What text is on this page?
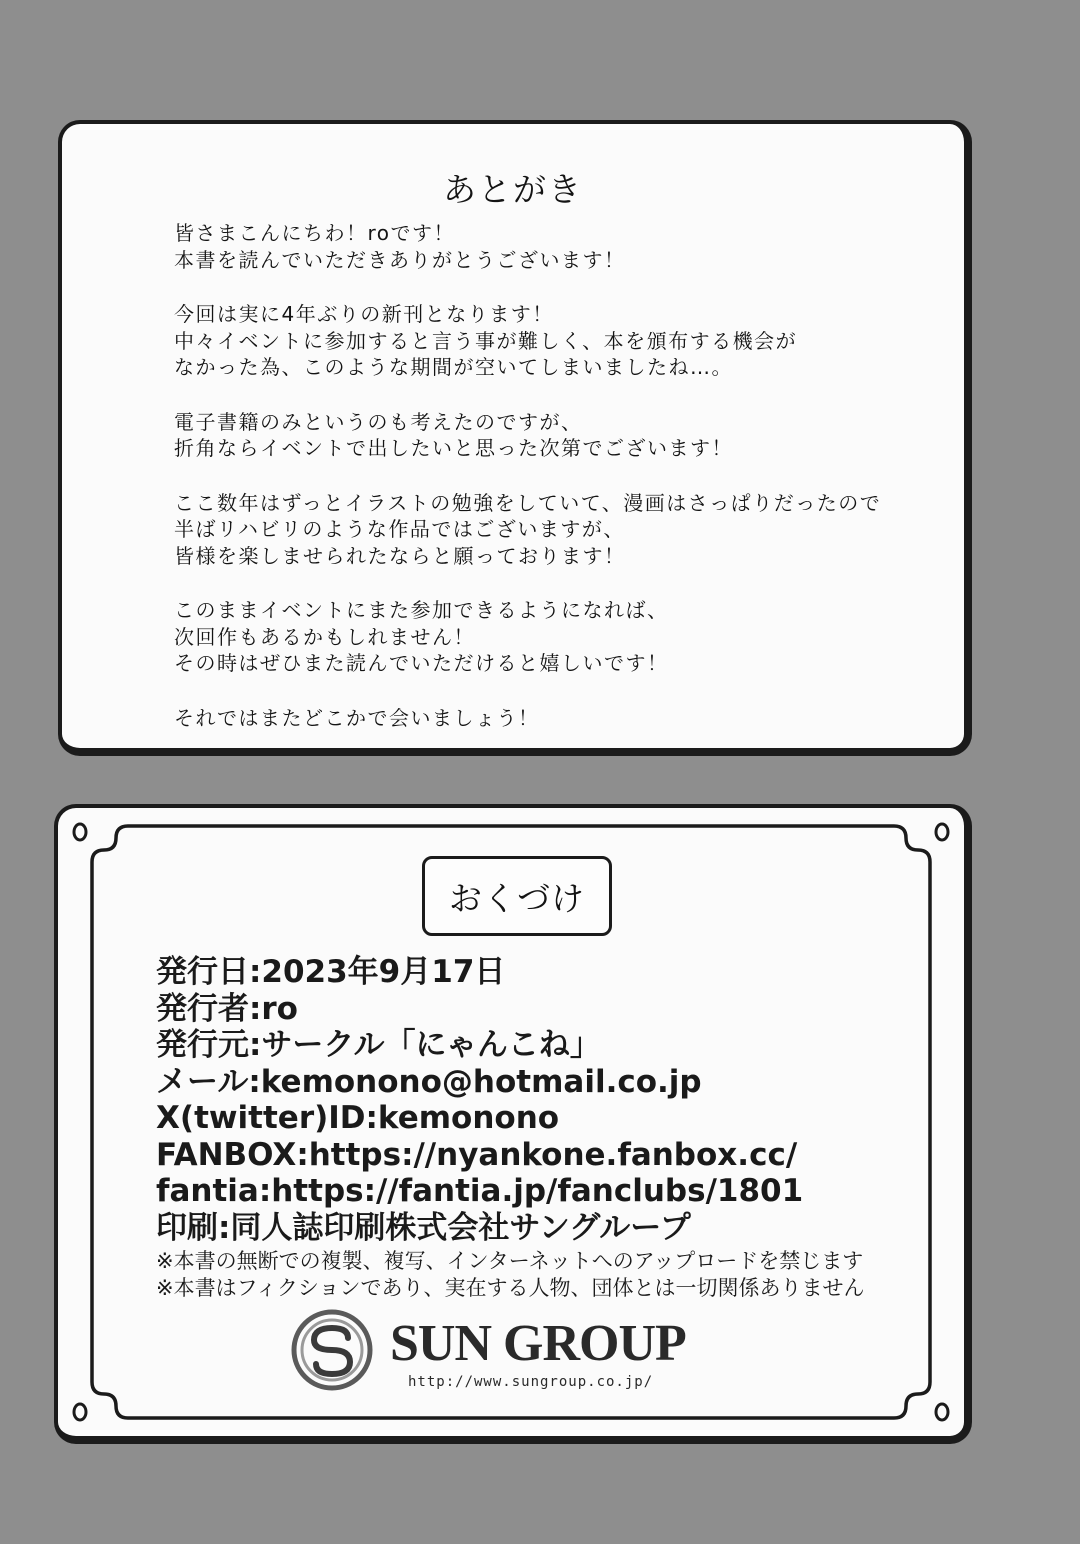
あとがき
皆さまこんにちわ！roです！
本書を読んでいただきありがとうございます！
今回は実に4年ぶりの新刊となります！
中々イベントに参加すると言う事が難しく、本を頒布する機会が
なかった為、このような期間が空いてしまいましたね…。
電子書籍のみというのも考えたのですが、
折角ならイベントで出したいと思った次第でございます！
ここ数年はずっとイラストの勉強をしていて、漫画はさっぱりだったので
半ばリハビリのような作品ではございますが、
皆様を楽しませられたならと願っております！
このままイベントにまた参加できるようになれば、
次回作もあるかもしれません！
その時はぜひまた読んでいただけると嬉しいです！
それではまたどこかで会いましょう！
おくづけ
発行日:2023年9月17日
発行者:ro
発行元:サークル「にゃんこね」
メール:kemonono@hotmail.co.jp
X(twitter)ID:kemonono
FANBOX:https://nyankone.fanbox.cc/
fantia:https://fantia.jp/fanclubs/1801
印刷:同人誌印刷株式会社サングループ
※本書の無断での複製、複写、インターネットへのアップロードを禁じます
※本書はフィクションであり、実在する人物、団体とは一切関係ありません
SUN GROUP
http://www.sungroup.co.jp/
